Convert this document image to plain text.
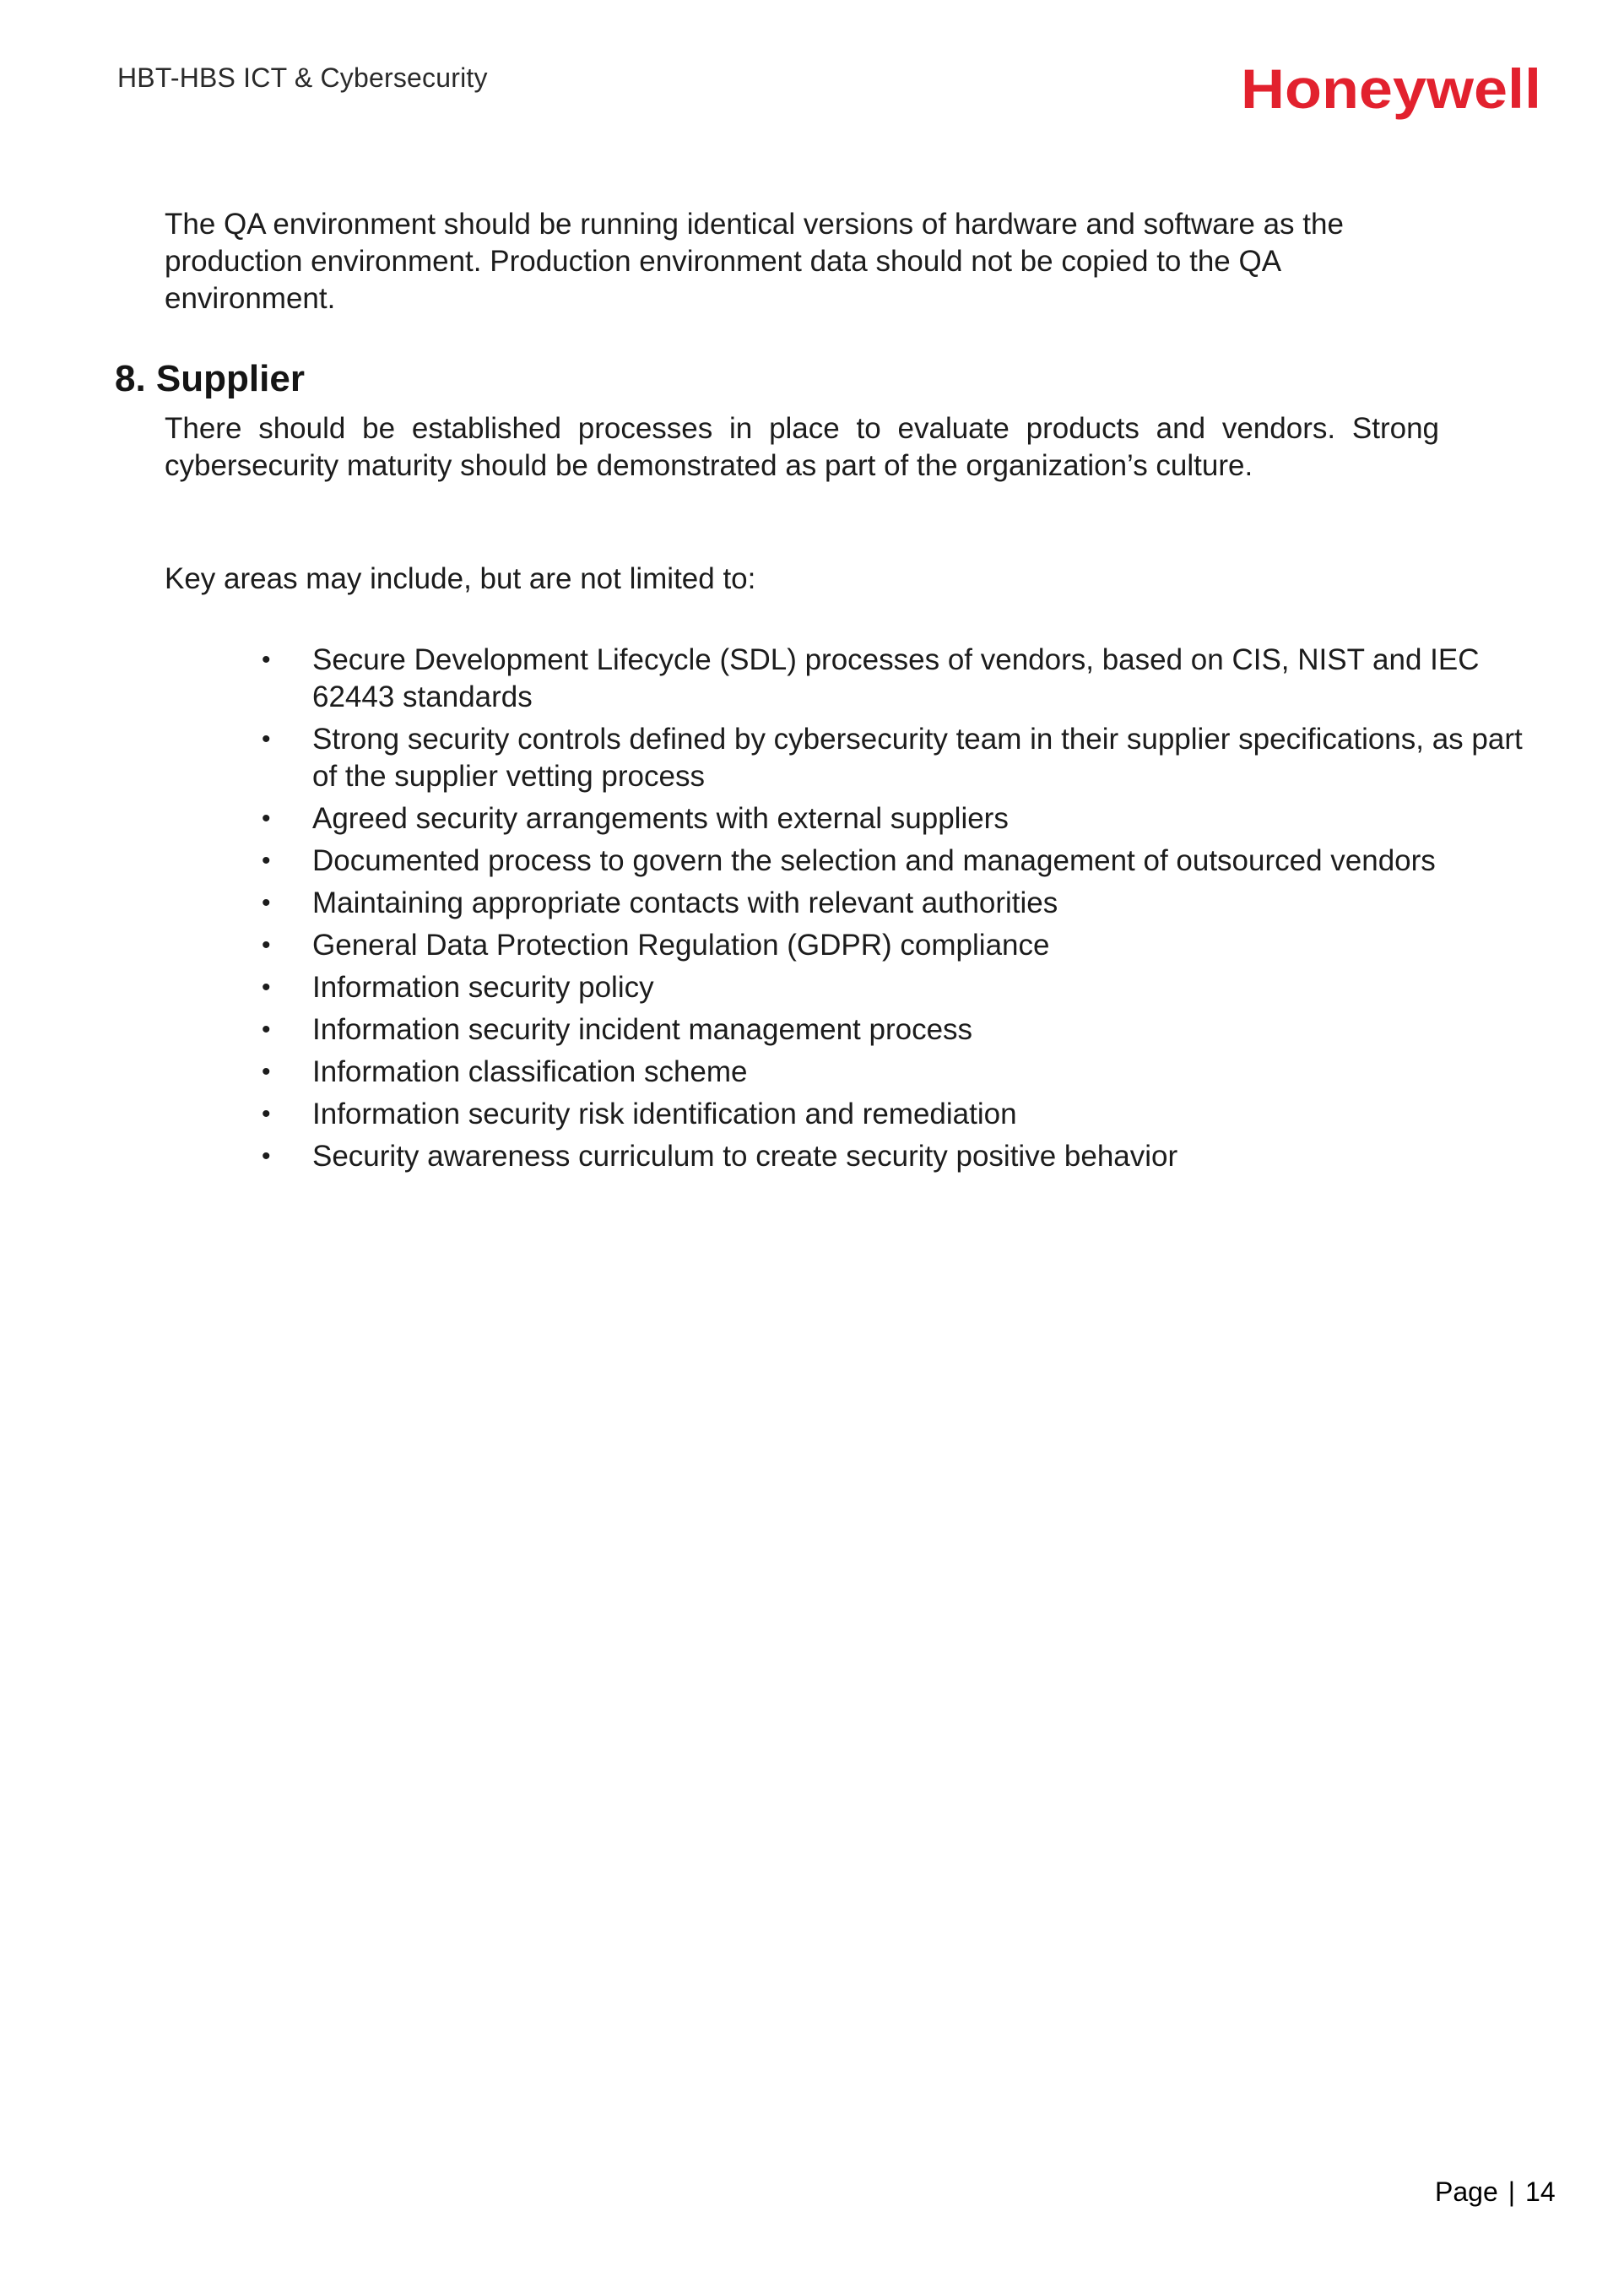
HBT-HBS ICT & Cybersecurity	Honeywell
The QA environment should be running identical versions of hardware and software as the production environment. Production environment data should not be copied to the QA environment.
8. Supplier
There should be established processes in place to evaluate products and vendors. Strong cybersecurity maturity should be demonstrated as part of the organization’s culture.
Key areas may include, but are not limited to:
•	Secure Development Lifecycle (SDL) processes of vendors, based on CIS, NIST and IEC 62443 standards
•	Strong security controls defined by cybersecurity team in their supplier specifications, as part of the supplier vetting process
•	Agreed security arrangements with external suppliers
•	Documented process to govern the selection and management of outsourced vendors
•	Maintaining appropriate contacts with relevant authorities
•	General Data Protection Regulation (GDPR) compliance
•	Information security policy
•	Information security incident management process
•	Information classification scheme
•	Information security risk identification and remediation
•	Security awareness curriculum to create security positive behavior
Page | 14
